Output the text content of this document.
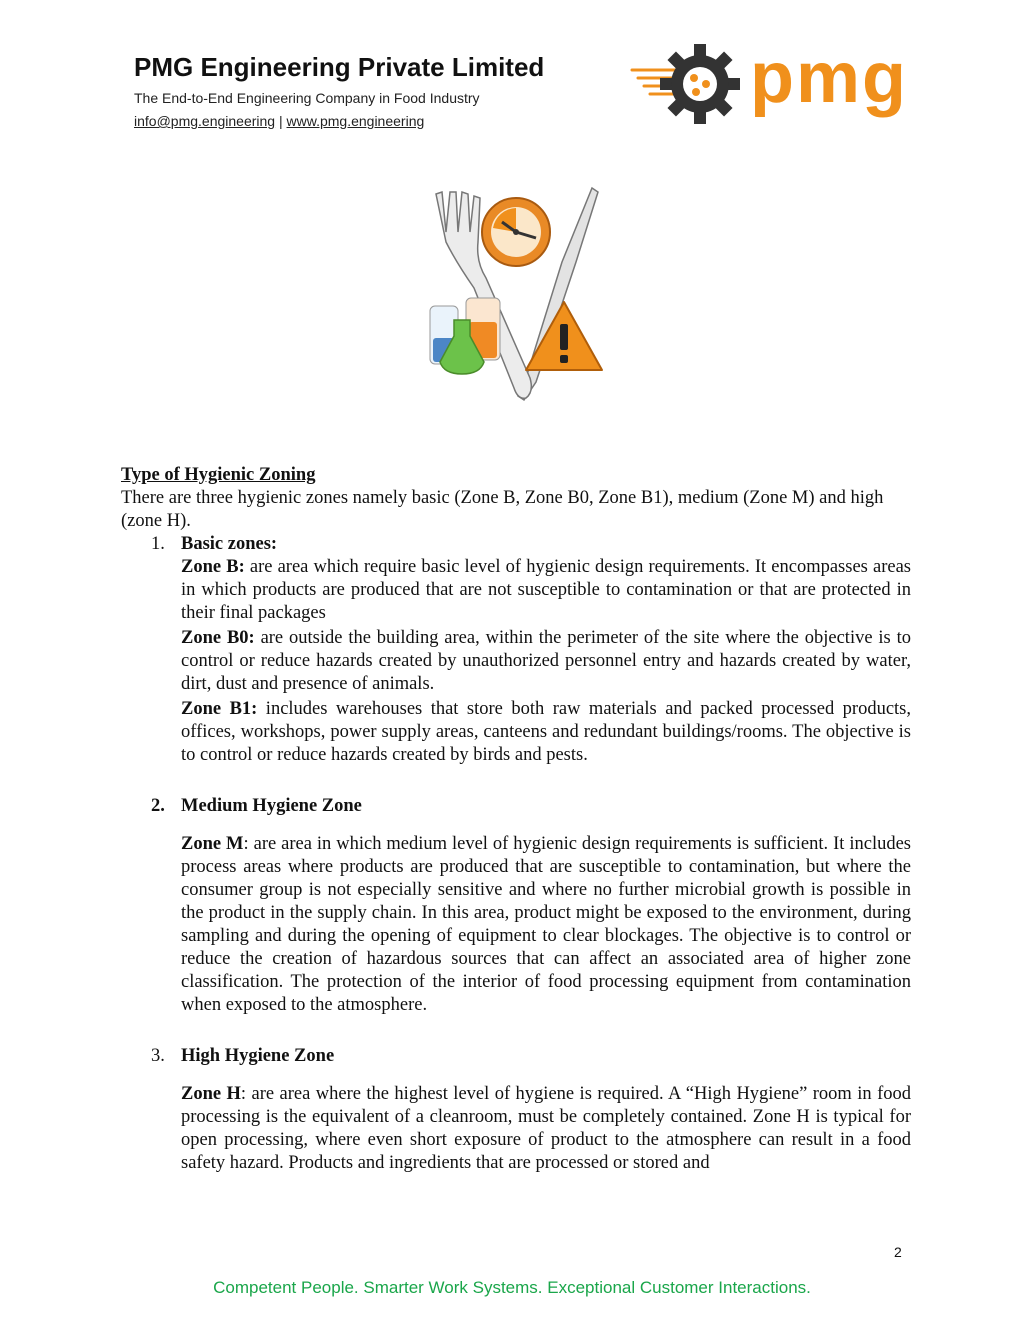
PMG Engineering Private Limited
The End-to-End Engineering Company in Food Industry
info@pmg.engineering | www.pmg.engineering
pmg
Type of Hygienic Zoning

There are three hygienic zones namely basic (Zone B, Zone B0, Zone B1), medium (Zone M) and high (zone H).

1. Basic zones:

Zone B: are area which require basic level of hygienic design requirements. It encompasses areas in which products are produced that are not susceptible to contamination or that are protected in their final packages

Zone B0: are outside the building area, within the perimeter of the site where the objective is to control or reduce hazards created by unauthorized personnel entry and hazards created by water, dirt, dust and presence of animals.

Zone B1: includes warehouses that store both raw materials and packed processed products, offices, workshops, power supply areas, canteens and redundant buildings/rooms. The objective is to control or reduce hazards created by birds and pests.

2. Medium Hygiene Zone

Zone M: are area in which medium level of hygienic design requirements is sufficient. It includes process areas where products are produced that are susceptible to contamination, but where the consumer group is not especially sensitive and where no further microbial growth is possible in the product in the supply chain. In this area, product might be exposed to the environment, during sampling and during the opening of equipment to clear blockages. The objective is to control or reduce the creation of hazardous sources that can affect an associated area of higher zone classification. The protection of the interior of food processing equipment from contamination when exposed to the atmosphere.

3. High Hygiene Zone

Zone H: are area where the highest level of hygiene is required. A “High Hygiene” room in food processing is the equivalent of a cleanroom, must be completely contained. Zone H is typical for open processing, where even short exposure of product to the atmosphere can result in a food safety hazard. Products and ingredients that are processed or stored and

2
Competent People. Smarter Work Systems. Exceptional Customer Interactions.
